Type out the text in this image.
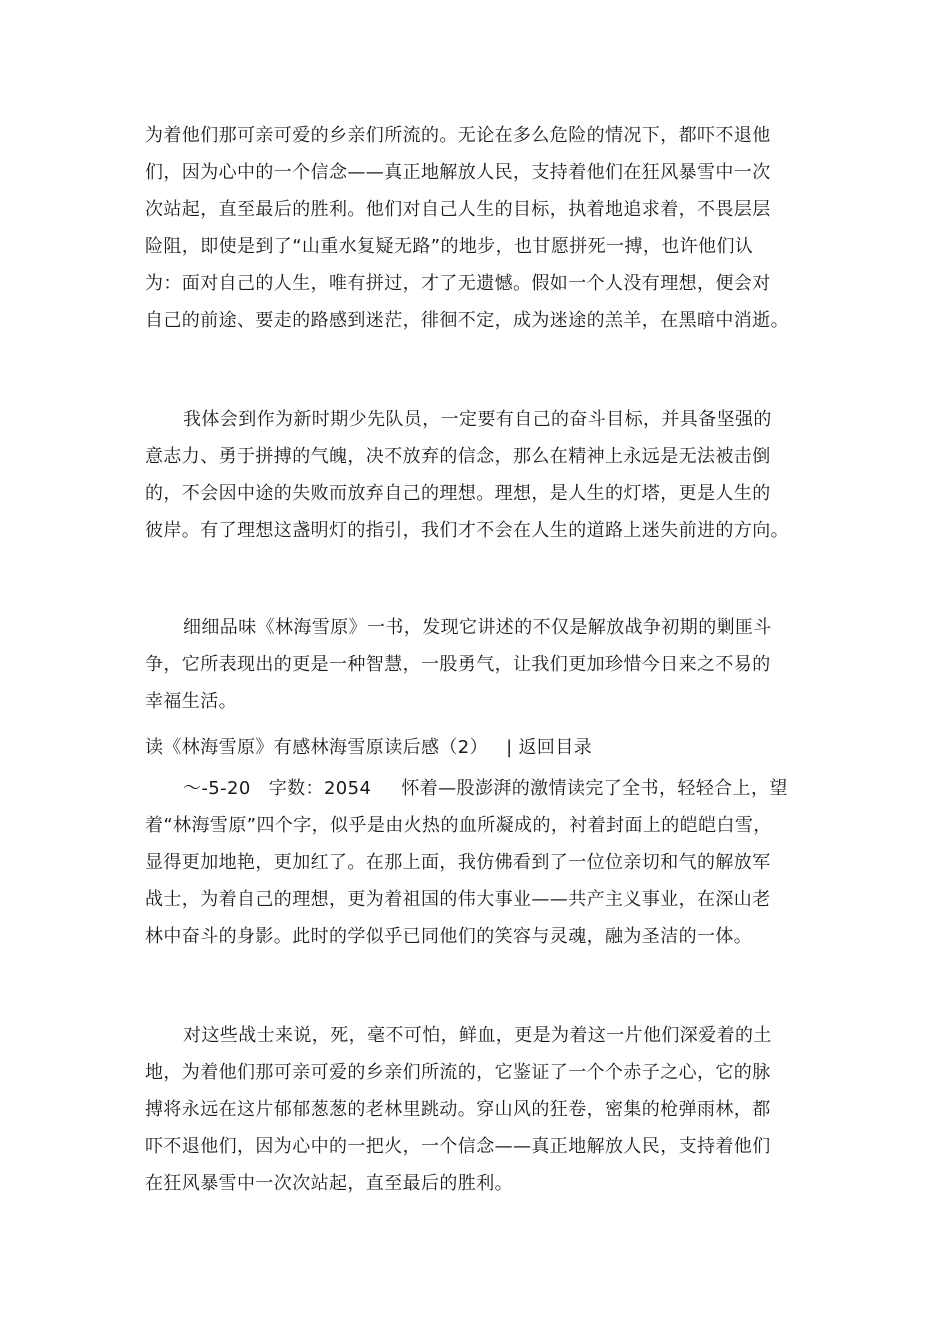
为着他们那可亲可爱的乡亲们所流的。无论在多么危险的情况下，都吓不退他
们，因为心中的一个信念——真正地解放人民，支持着他们在狂风暴雪中一次
次站起，直至最后的胜利。他们对自己人生的目标，执着地追求着，不畏层层
险阻，即使是到了“山重水复疑无路”的地步，也甘愿拼死一搏，也许他们认
为：面对自己的人生，唯有拼过，才了无遗憾。假如一个人没有理想，便会对
自己的前途、要走的路感到迷茫，徘徊不定，成为迷途的羔羊，在黑暗中消逝。
我体会到作为新时期少先队员，一定要有自己的奋斗目标，并具备坚强的
意志力、勇于拼搏的气魄，决不放弃的信念，那么在精神上永远是无法被击倒
的，不会因中途的失败而放弃自己的理想。理想，是人生的灯塔，更是人生的
彼岸。有了理想这盏明灯的指引，我们才不会在人生的道路上迷失前进的方向。
细细品味《林海雪原》一书，发现它讲述的不仅是解放战争初期的剿匪斗
争，它所表现出的更是一种智慧，一股勇气，让我们更加珍惜今日来之不易的
幸福生活。
读《林海雪原》有感林海雪原读后感（2） | 返回目录
～-5-20 字数：2054 怀着—股澎湃的激情读完了全书，轻轻合上，望
着“林海雪原”四个字，似乎是由火热的血所凝成的，衬着封面上的皑皑白雪，
显得更加地艳，更加红了。在那上面，我仿佛看到了一位位亲切和气的解放军
战士，为着自己的理想，更为着祖国的伟大事业——共产主义事业，在深山老
林中奋斗的身影。此时的学似乎已同他们的笑容与灵魂，融为圣洁的一体。
对这些战士来说，死，毫不可怕，鲜血，更是为着这一片他们深爱着的土
地，为着他们那可亲可爱的乡亲们所流的，它鉴证了一个个赤子之心，它的脉
搏将永远在这片郁郁葱葱的老林里跳动。穿山风的狂卷，密集的枪弹雨林，都
吓不退他们，因为心中的一把火，一个信念——真正地解放人民，支持着他们
在狂风暴雪中一次次站起，直至最后的胜利。
